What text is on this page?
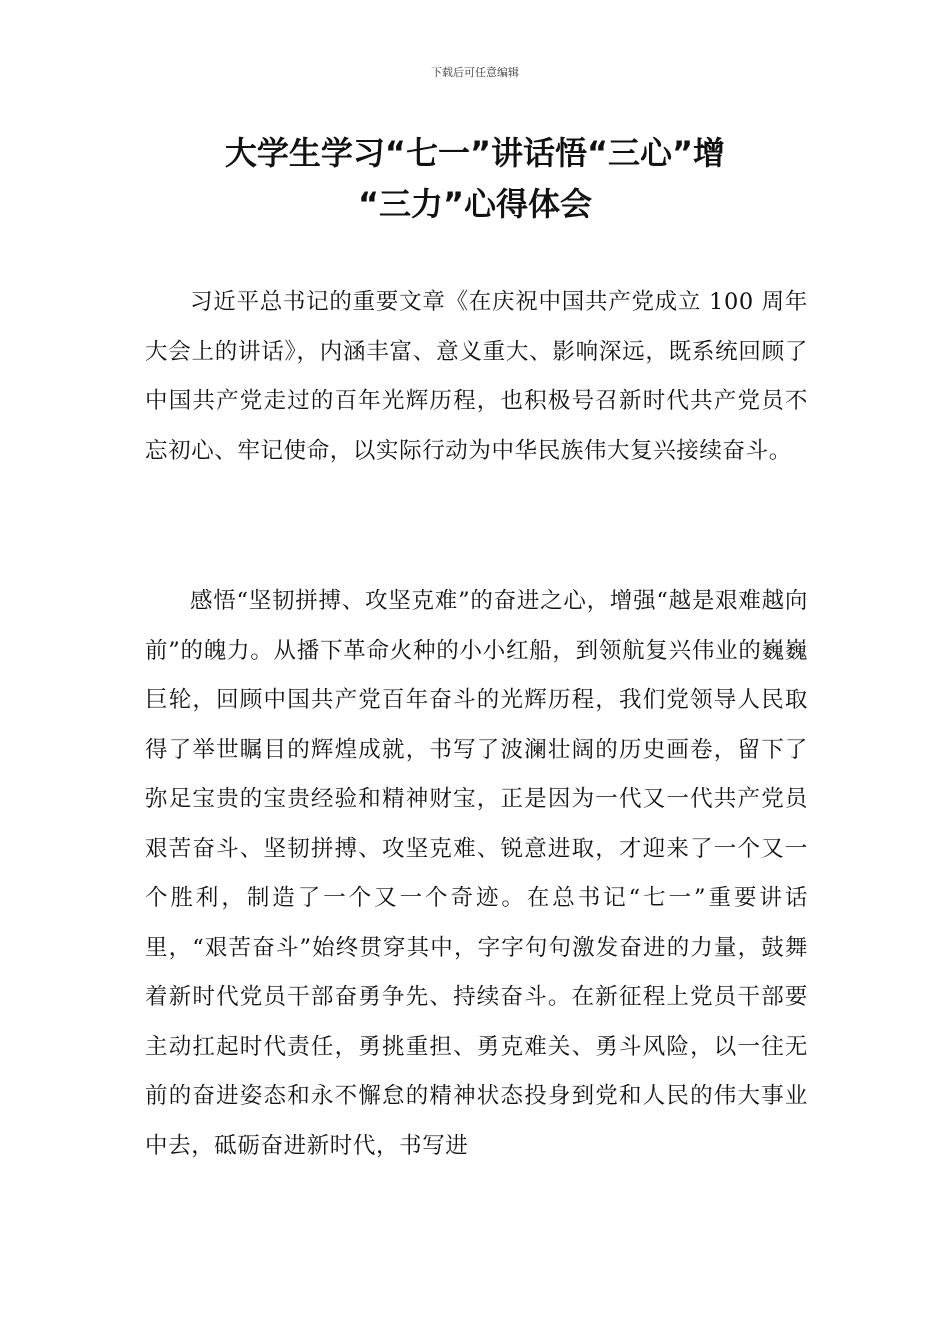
下载后可任意编辑
大学生学习“七一”讲话悟“三心”增
“三力”心得体会

习近平总书记的重要文章《在庆祝中国共产党成立 100 周年大会上的讲话》，内涵丰富、意义重大、影响深远，既系统回顾了中国共产党走过的百年光辉历程，也积极号召新时代共产党员不忘初心、牢记使命，以实际行动为中华民族伟大复兴接续奋斗。

感悟“坚韧拼搏、攻坚克难”的奋进之心，增强“越是艰难越向前”的魄力。从播下革命火种的小小红船，到领航复兴伟业的巍巍巨轮，回顾中国共产党百年奋斗的光辉历程，我们党领导人民取得了举世瞩目的辉煌成就，书写了波澜壮阔的历史画卷，留下了弥足宝贵的宝贵经验和精神财宝，正是因为一代又一代共产党员艰苦奋斗、坚韧拼搏、攻坚克难、锐意进取，才迎来了一个又一个胜利，制造了一个又一个奇迹。在总书记“七一”重要讲话里，“艰苦奋斗”始终贯穿其中，字字句句激发奋进的力量，鼓舞着新时代党员干部奋勇争先、持续奋斗。在新征程上党员干部要主动扛起时代责任，勇挑重担、勇克难关、勇斗风险，以一往无前的奋进姿态和永不懈怠的精神状态投身到党和人民的伟大事业中去，砥砺奋进新时代，书写进
